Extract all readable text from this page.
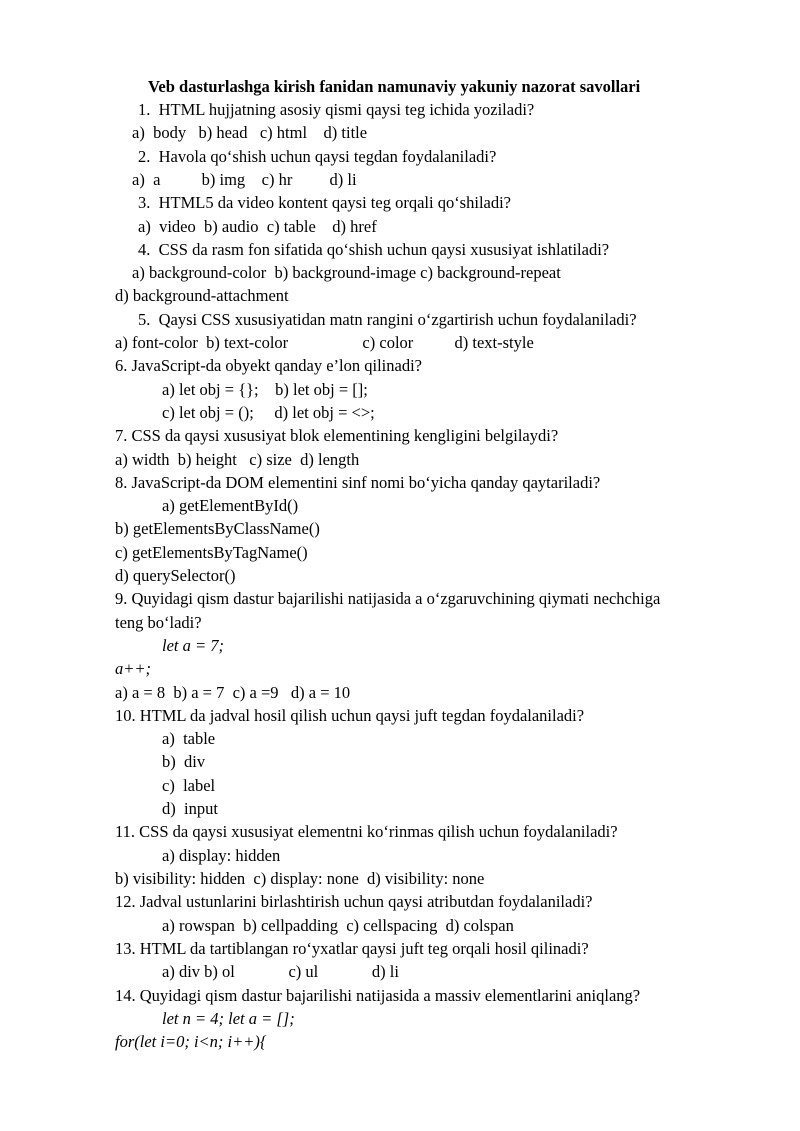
Veb dasturlashga kirish fanidan namunaviy yakuniy nazorat savollari
1.  HTML hujjatning asosiy qismi qaysi teg ichida yoziladi?
a)  body   b) head   c) html    d) title
2.  Havola qo‘shish uchun qaysi tegdan foydalaniladi?
a)  a          b) img    c) hr         d) li
3.  HTML5 da video kontent qaysi teg orqali qo‘shiladi?
a)  video  b) audio  c) table    d) href
4.  CSS da rasm fon sifatida qo‘shish uchun qaysi xususiyat ishlatiladi?
a) background-color  b) background-image c) background-repeat
d) background-attachment
5.  Qaysi CSS xususiyatidan matn rangini o‘zgartirish uchun foydalaniladi?
a) font-color  b) text-color                  c) color          d) text-style
6. JavaScript-da obyekt qanday e’lon qilinadi?
a) let obj = {};    b) let obj = [];
c) let obj = ();     d) let obj = <>;
7. CSS da qaysi xususiyat blok elementining kengligini belgilaydi?
a) width  b) height   c) size  d) length
8. JavaScript-da DOM elementini sinf nomi bo‘yicha qanday qaytariladi?
a) getElementById()
b) getElementsByClassName()
c) getElementsByTagName()
d) querySelector()
9. Quyidagi qism dastur bajarilishi natijasida a o‘zgaruvchining qiymati nechchiga
teng bo‘ladi?
let a = 7;
a++;
a) a = 8  b) a = 7  c) a =9   d) a = 10
10. HTML da jadval hosil qilish uchun qaysi juft tegdan foydalaniladi?
a)  table
b)  div
c)  label
d)  input
11. CSS da qaysi xususiyat elementni ko‘rinmas qilish uchun foydalaniladi?
a) display: hidden
b) visibility: hidden  c) display: none  d) visibility: none
12. Jadval ustunlarini birlashtirish uchun qaysi atributdan foydalaniladi?
a) rowspan  b) cellpadding  c) cellspacing  d) colspan
13. HTML da tartiblangan ro‘yxatlar qaysi juft teg orqali hosil qilinadi?
a) div b) ol             c) ul             d) li
14. Quyidagi qism dastur bajarilishi natijasida a massiv elementlarini aniqlang?
let n = 4; let a = [];
for(let i=0; i<n; i++){
